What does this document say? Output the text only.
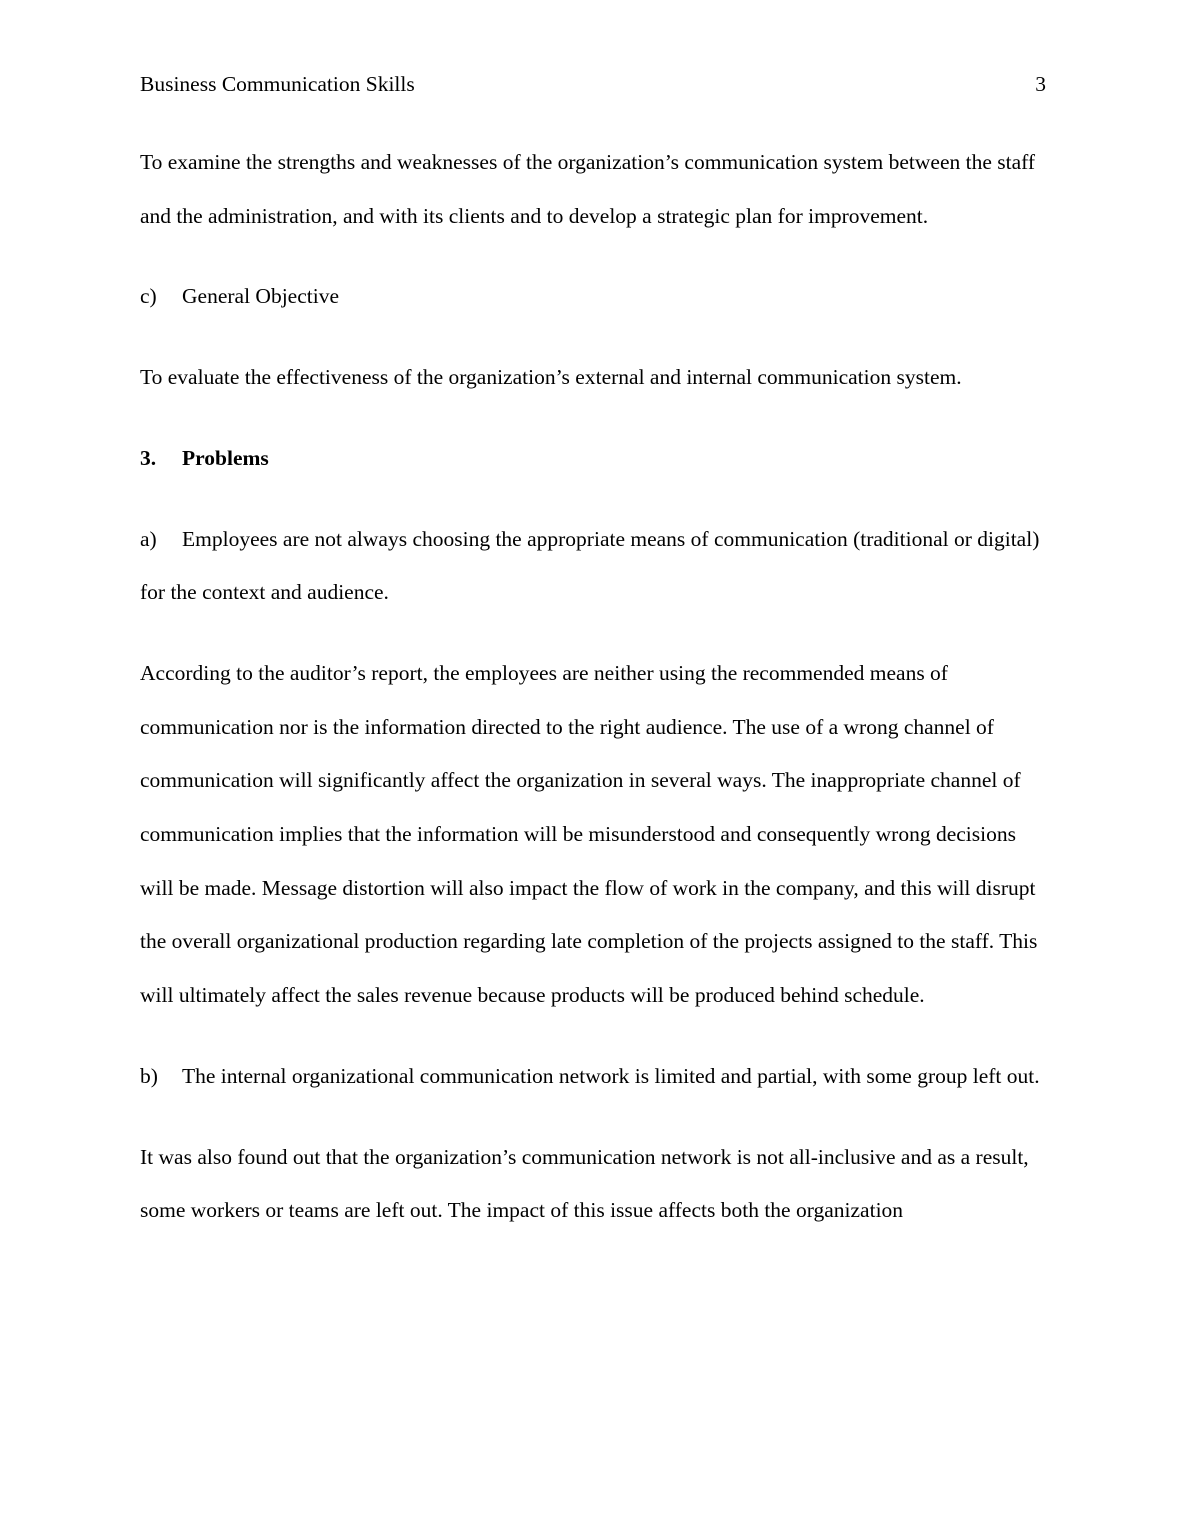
Business Communication Skills	3

To examine the strengths and weaknesses of the organization’s communication system between the staff and the administration, and with its clients and to develop a strategic plan for improvement.

c) General Objective

To evaluate the effectiveness of the organization’s external and internal communication system.

3. Problems

a) Employees are not always choosing the appropriate means of communication (traditional or digital) for the context and audience.

According to the auditor’s report, the employees are neither using the recommended means of communication nor is the information directed to the right audience. The use of a wrong channel of communication will significantly affect the organization in several ways. The inappropriate channel of communication implies that the information will be misunderstood and consequently wrong decisions will be made. Message distortion will also impact the flow of work in the company, and this will disrupt the overall organizational production regarding late completion of the projects assigned to the staff. This will ultimately affect the sales revenue because products will be produced behind schedule.

b) The internal organizational communication network is limited and partial, with some group left out.

It was also found out that the organization’s communication network is not all-inclusive and as a result, some workers or teams are left out. The impact of this issue affects both the organization
